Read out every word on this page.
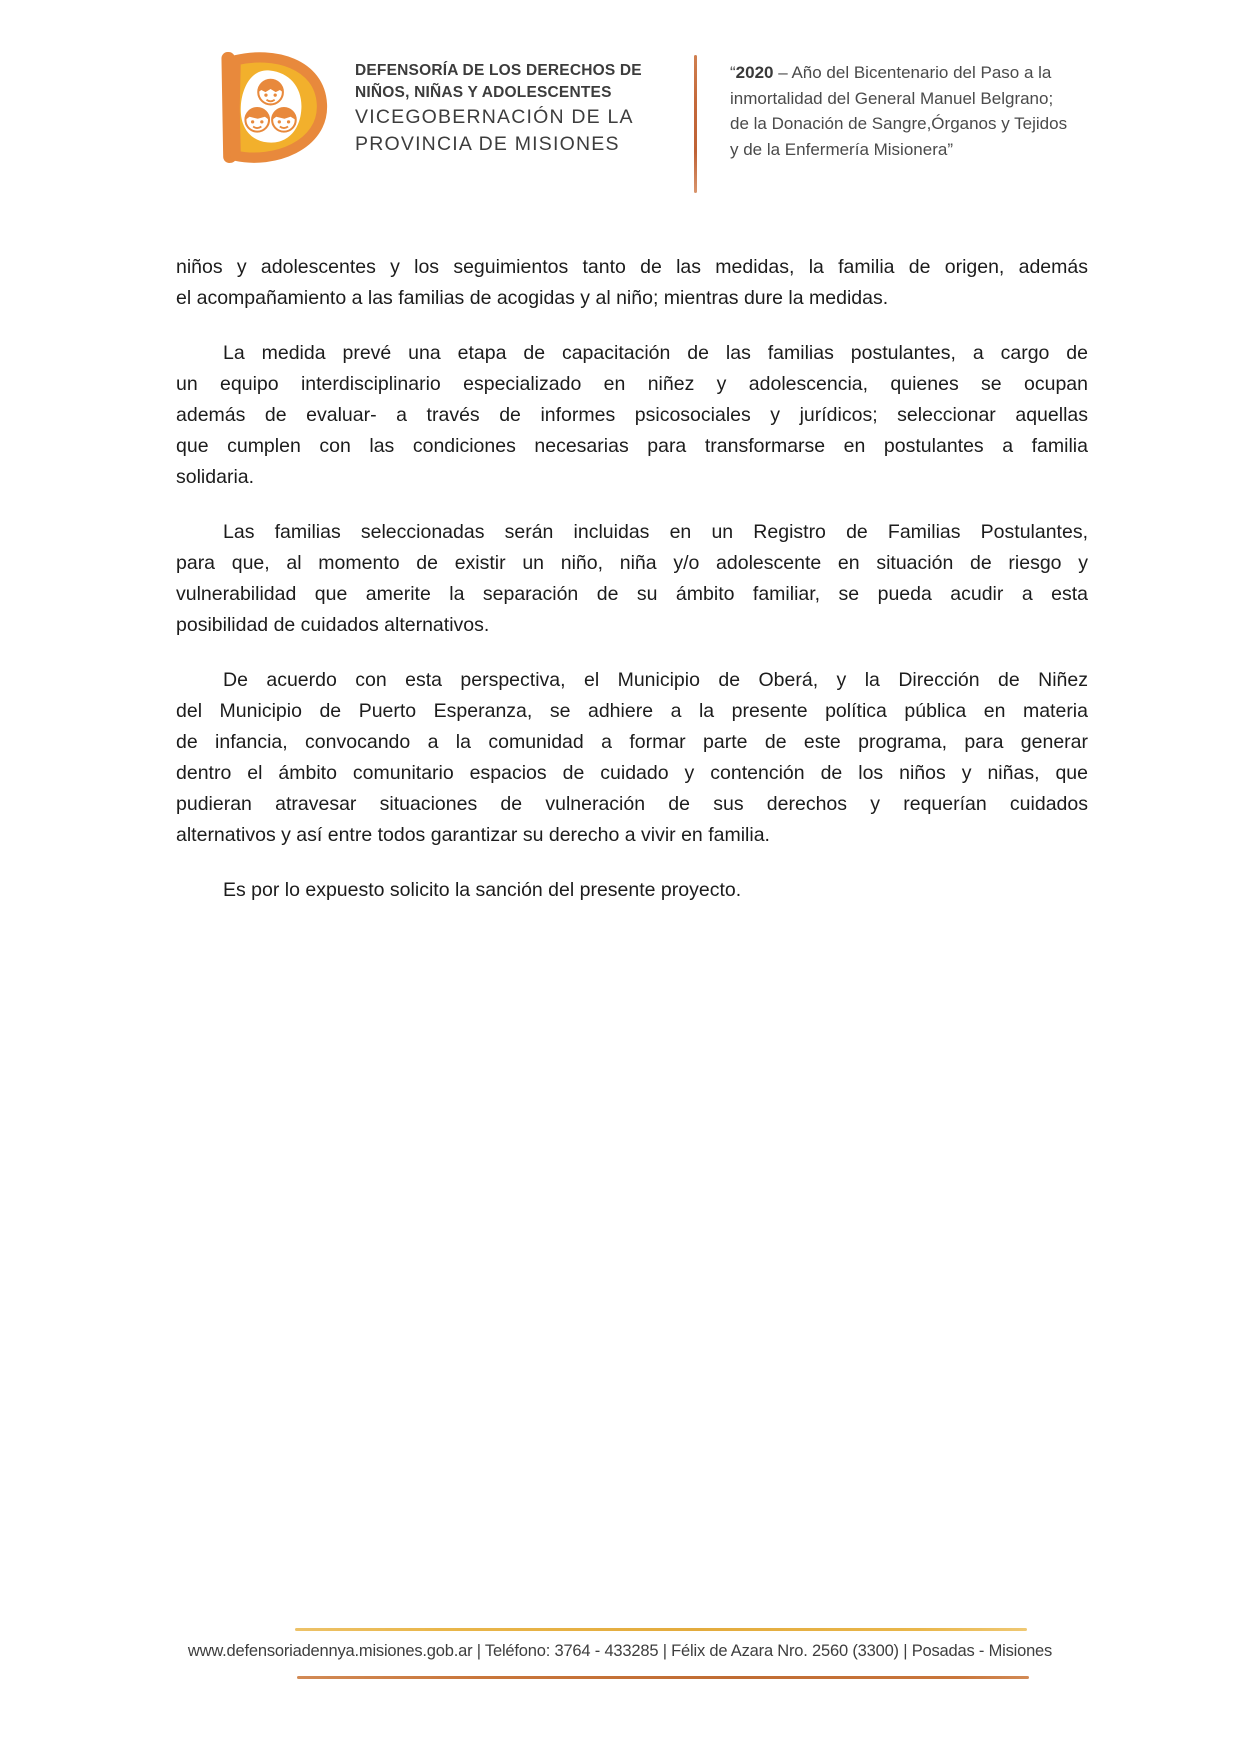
DEFENSORÍA DE LOS DERECHOS DE
NIÑOS, NIÑAS Y ADOLESCENTES
VICEGOBERNACIÓN DE LA
PROVINCIA DE MISIONES
“2020 – Año del Bicentenario del Paso a la
inmortalidad del General Manuel Belgrano;
de la Donación de Sangre,Órganos y Tejidos
y de la Enfermería Misionera”
niños y adolescentes y los seguimientos tanto de las medidas, la familia de origen, además
el acompañamiento a las familias de acogidas y al niño; mientras dure la medidas.
La medida prevé una etapa de capacitación de las familias postulantes, a cargo de
un equipo interdisciplinario especializado en niñez y adolescencia, quienes se ocupan
además de evaluar- a través de informes psicosociales y jurídicos; seleccionar aquellas
que cumplen con las condiciones necesarias para transformarse en postulantes a familia
solidaria.
Las familias seleccionadas serán incluidas en un Registro de Familias Postulantes,
para que, al momento de existir un niño, niña y/o adolescente en situación de riesgo y
vulnerabilidad que amerite la separación de su ámbito familiar, se pueda acudir a esta
posibilidad de cuidados alternativos.
De acuerdo con esta perspectiva, el Municipio de Oberá, y la Dirección de Niñez
del Municipio de Puerto Esperanza, se adhiere a la presente política pública en materia
de infancia, convocando a la comunidad a formar parte de este programa, para generar
dentro el ámbito comunitario espacios de cuidado y contención de los niños y niñas, que
pudieran atravesar situaciones de vulneración de sus derechos y requerían cuidados
alternativos y así entre todos garantizar su derecho a vivir en familia.
Es por lo expuesto solicito la sanción del presente proyecto.
www.defensoriadennya.misiones.gob.ar | Teléfono: 3764 - 433285 | Félix de Azara Nro. 2560 (3300) | Posadas - Misiones
